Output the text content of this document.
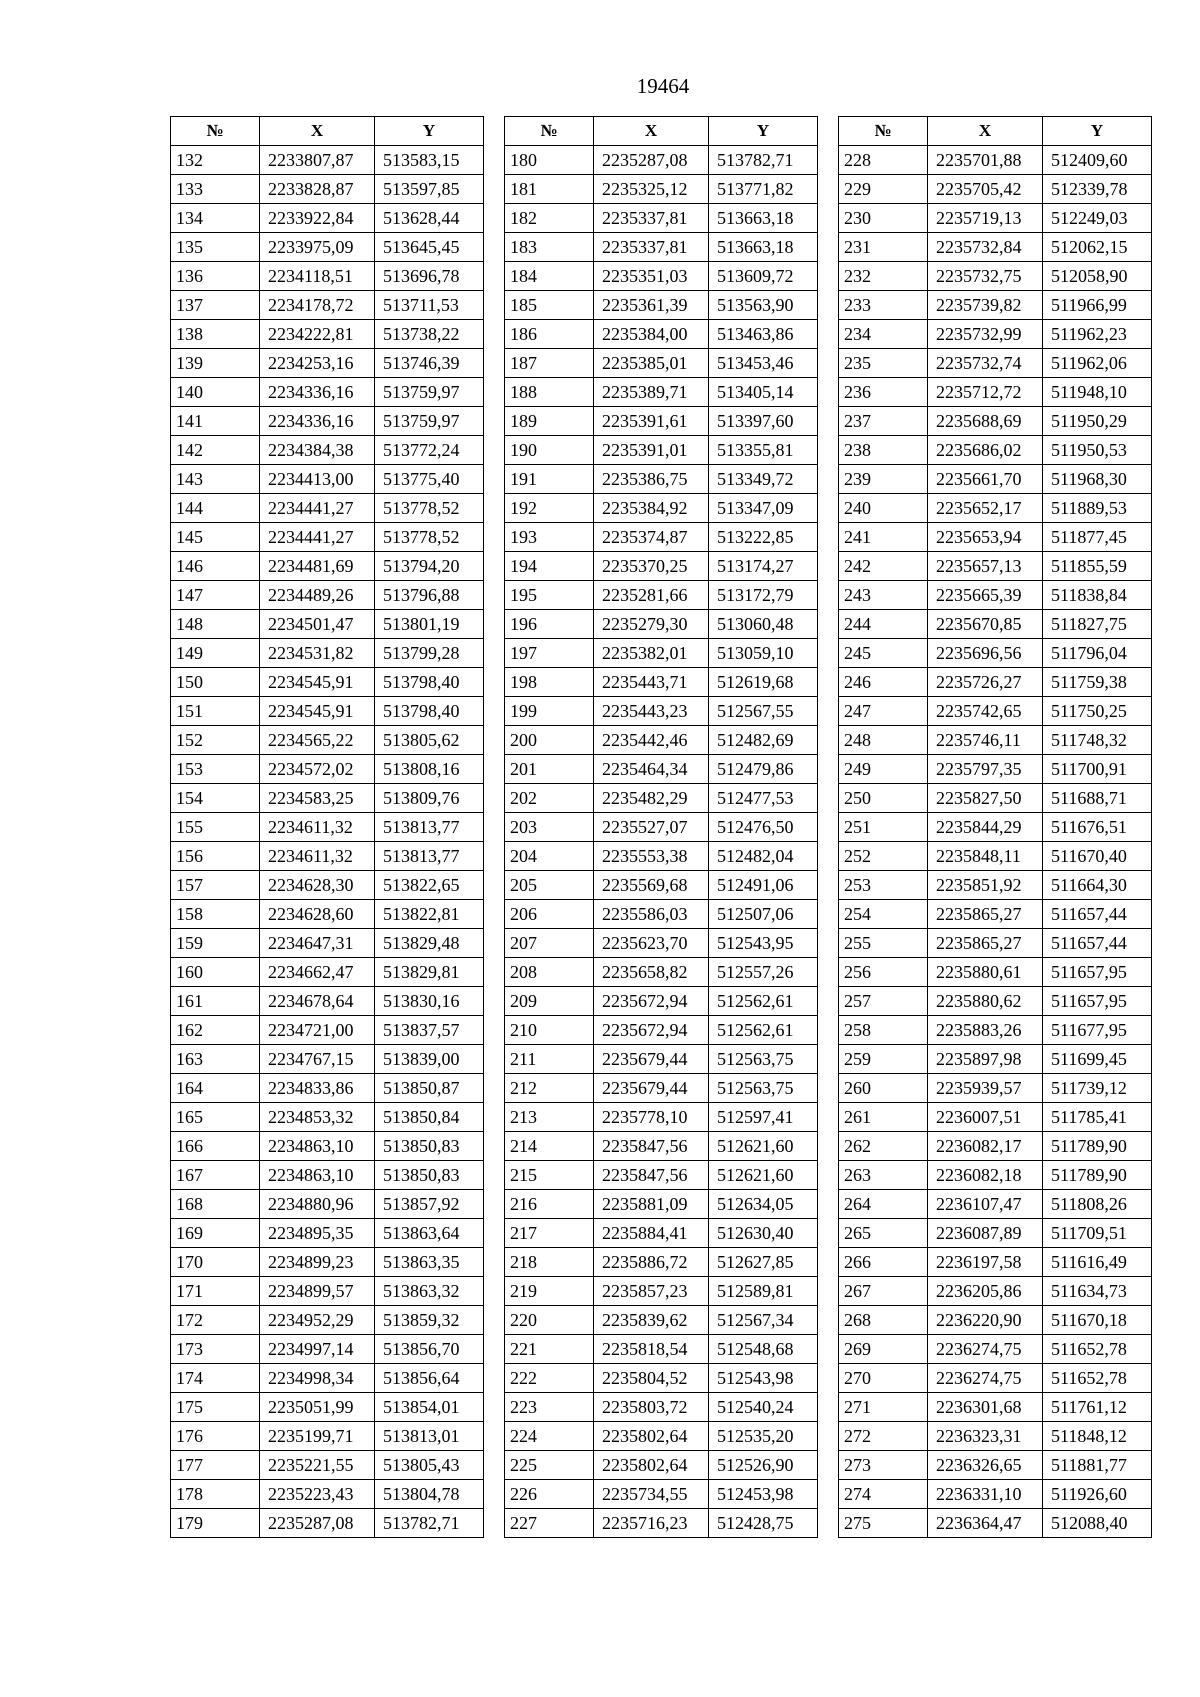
19464
№	X	Y
132	2233807,87	513583,15
133	2233828,87	513597,85
134	2233922,84	513628,44
135	2233975,09	513645,45
136	2234118,51	513696,78
137	2234178,72	513711,53
138	2234222,81	513738,22
139	2234253,16	513746,39
140	2234336,16	513759,97
141	2234336,16	513759,97
142	2234384,38	513772,24
143	2234413,00	513775,40
144	2234441,27	513778,52
145	2234441,27	513778,52
146	2234481,69	513794,20
147	2234489,26	513796,88
148	2234501,47	513801,19
149	2234531,82	513799,28
150	2234545,91	513798,40
151	2234545,91	513798,40
152	2234565,22	513805,62
153	2234572,02	513808,16
154	2234583,25	513809,76
155	2234611,32	513813,77
156	2234611,32	513813,77
157	2234628,30	513822,65
158	2234628,60	513822,81
159	2234647,31	513829,48
160	2234662,47	513829,81
161	2234678,64	513830,16
162	2234721,00	513837,57
163	2234767,15	513839,00
164	2234833,86	513850,87
165	2234853,32	513850,84
166	2234863,10	513850,83
167	2234863,10	513850,83
168	2234880,96	513857,92
169	2234895,35	513863,64
170	2234899,23	513863,35
171	2234899,57	513863,32
172	2234952,29	513859,32
173	2234997,14	513856,70
174	2234998,34	513856,64
175	2235051,99	513854,01
176	2235199,71	513813,01
177	2235221,55	513805,43
178	2235223,43	513804,78
179	2235287,08	513782,71
№	X	Y
180	2235287,08	513782,71
181	2235325,12	513771,82
182	2235337,81	513663,18
183	2235337,81	513663,18
184	2235351,03	513609,72
185	2235361,39	513563,90
186	2235384,00	513463,86
187	2235385,01	513453,46
188	2235389,71	513405,14
189	2235391,61	513397,60
190	2235391,01	513355,81
191	2235386,75	513349,72
192	2235384,92	513347,09
193	2235374,87	513222,85
194	2235370,25	513174,27
195	2235281,66	513172,79
196	2235279,30	513060,48
197	2235382,01	513059,10
198	2235443,71	512619,68
199	2235443,23	512567,55
200	2235442,46	512482,69
201	2235464,34	512479,86
202	2235482,29	512477,53
203	2235527,07	512476,50
204	2235553,38	512482,04
205	2235569,68	512491,06
206	2235586,03	512507,06
207	2235623,70	512543,95
208	2235658,82	512557,26
209	2235672,94	512562,61
210	2235672,94	512562,61
211	2235679,44	512563,75
212	2235679,44	512563,75
213	2235778,10	512597,41
214	2235847,56	512621,60
215	2235847,56	512621,60
216	2235881,09	512634,05
217	2235884,41	512630,40
218	2235886,72	512627,85
219	2235857,23	512589,81
220	2235839,62	512567,34
221	2235818,54	512548,68
222	2235804,52	512543,98
223	2235803,72	512540,24
224	2235802,64	512535,20
225	2235802,64	512526,90
226	2235734,55	512453,98
227	2235716,23	512428,75
№	X	Y
228	2235701,88	512409,60
229	2235705,42	512339,78
230	2235719,13	512249,03
231	2235732,84	512062,15
232	2235732,75	512058,90
233	2235739,82	511966,99
234	2235732,99	511962,23
235	2235732,74	511962,06
236	2235712,72	511948,10
237	2235688,69	511950,29
238	2235686,02	511950,53
239	2235661,70	511968,30
240	2235652,17	511889,53
241	2235653,94	511877,45
242	2235657,13	511855,59
243	2235665,39	511838,84
244	2235670,85	511827,75
245	2235696,56	511796,04
246	2235726,27	511759,38
247	2235742,65	511750,25
248	2235746,11	511748,32
249	2235797,35	511700,91
250	2235827,50	511688,71
251	2235844,29	511676,51
252	2235848,11	511670,40
253	2235851,92	511664,30
254	2235865,27	511657,44
255	2235865,27	511657,44
256	2235880,61	511657,95
257	2235880,62	511657,95
258	2235883,26	511677,95
259	2235897,98	511699,45
260	2235939,57	511739,12
261	2236007,51	511785,41
262	2236082,17	511789,90
263	2236082,18	511789,90
264	2236107,47	511808,26
265	2236087,89	511709,51
266	2236197,58	511616,49
267	2236205,86	511634,73
268	2236220,90	511670,18
269	2236274,75	511652,78
270	2236274,75	511652,78
271	2236301,68	511761,12
272	2236323,31	511848,12
273	2236326,65	511881,77
274	2236331,10	511926,60
275	2236364,47	512088,40
